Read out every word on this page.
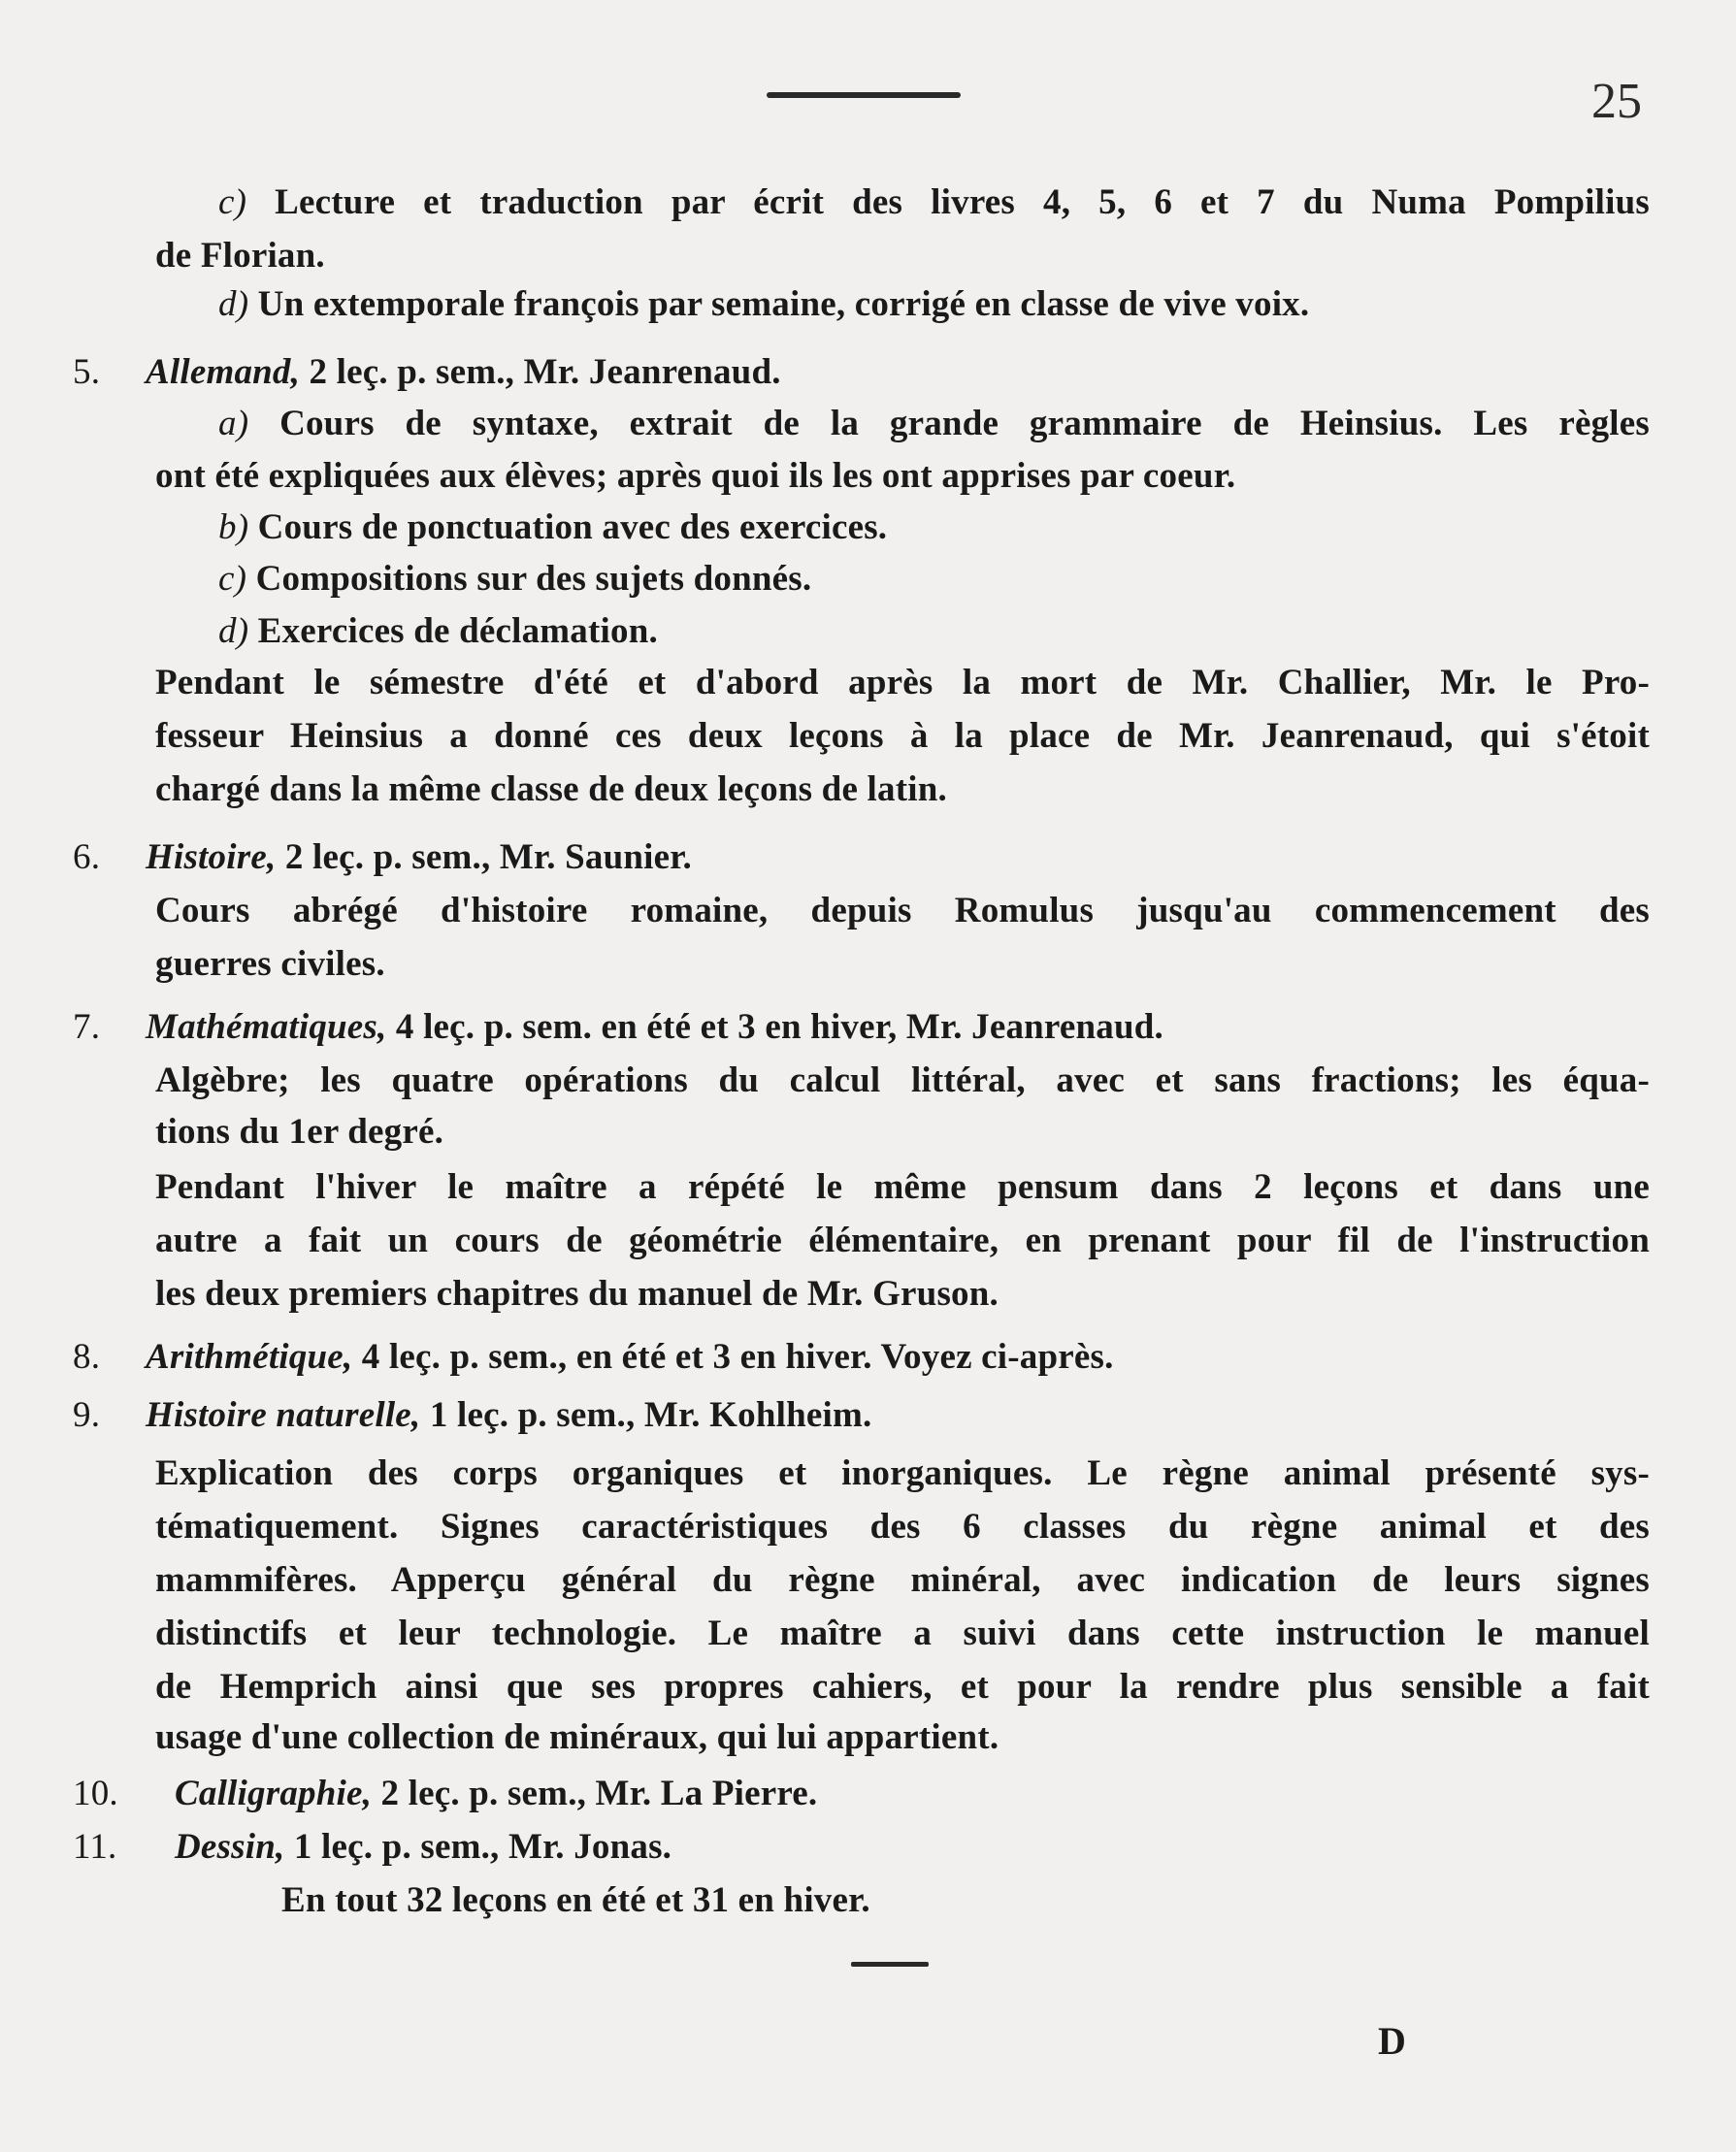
25
c) Lecture et traduction par écrit des livres 4, 5, 6 et 7 du Numa Pompilius
de Florian.
d) Un extemporale françois par semaine, corrigé en classe de vive voix.
5. Allemand, 2 leç. p. sem., Mr. Jeanrenaud.
a) Cours de syntaxe, extrait de la grande grammaire de Heinsius. Les règles
ont été expliquées aux élèves; après quoi ils les ont apprises par coeur.
b) Cours de ponctuation avec des exercices.
c) Compositions sur des sujets donnés.
d) Exercices de déclamation.
Pendant le sémestre d'été et d'abord après la mort de Mr. Challier, Mr. le Pro-
fesseur Heinsius a donné ces deux leçons à la place de Mr. Jeanrenaud, qui s'étoit
chargé dans la même classe de deux leçons de latin.
6. Histoire, 2 leç. p. sem., Mr. Saunier.
Cours abrégé d'histoire romaine, depuis Romulus jusqu'au commencement des
guerres civiles.
7. Mathématiques, 4 leç. p. sem. en été et 3 en hiver, Mr. Jeanrenaud.
Algèbre; les quatre opérations du calcul littéral, avec et sans fractions; les équa-
tions du 1er degré.
Pendant l'hiver le maître a répété le même pensum dans 2 leçons et dans une
autre a fait un cours de géométrie élémentaire, en prenant pour fil de l'instruction
les deux premiers chapitres du manuel de Mr. Gruson.
8. Arithmétique, 4 leç. p. sem., en été et 3 en hiver. Voyez ci-après.
9. Histoire naturelle, 1 leç. p. sem., Mr. Kohlheim.
Explication des corps organiques et inorganiques. Le règne animal présenté sys-
tématiquement. Signes caractéristiques des 6 classes du règne animal et des
mammifères. Apperçu général du règne minéral, avec indication de leurs signes
distinctifs et leur technologie. Le maître a suivi dans cette instruction le manuel
de Hemprich ainsi que ses propres cahiers, et pour la rendre plus sensible a fait
usage d'une collection de minéraux, qui lui appartient.
10. Calligraphie, 2 leç. p. sem., Mr. La Pierre.
11. Dessin, 1 leç. p. sem., Mr. Jonas.
En tout 32 leçons en été et 31 en hiver.
D
